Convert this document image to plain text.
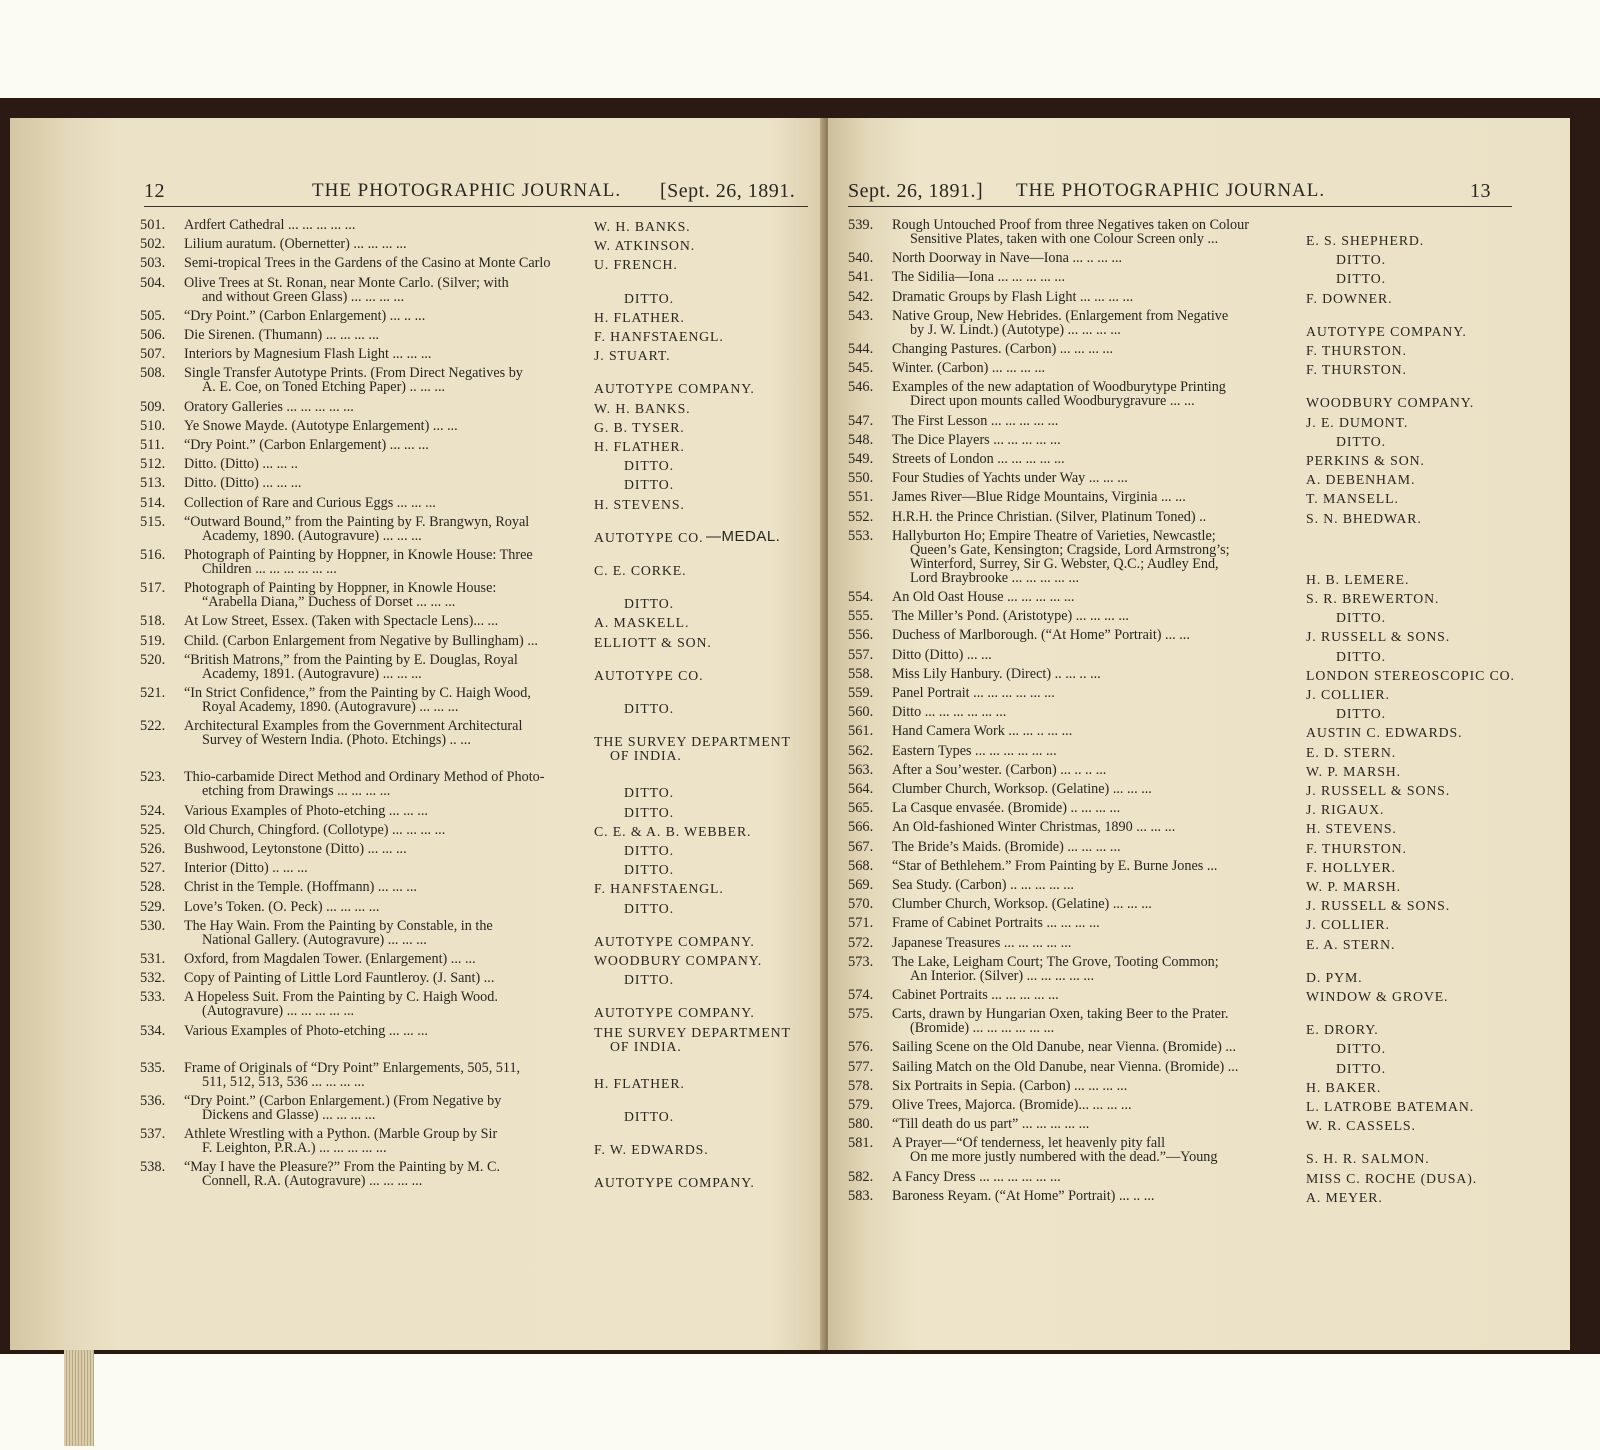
12	THE PHOTOGRAPHIC JOURNAL. [Sept. 26, 1891.
501.	Ardfert Cathedral ... ... ... ... ...	W. H. BANKS.
502.	Lilium auratum. (Obernetter) ... ... ... ...	W. ATKINSON.
503.	Semi-tropical Trees in the Gardens of the Casino at Monte Carlo	U. FRENCH.
504.	Olive Trees at St. Ronan, near Monte Carlo. (Silver; with
and without Green Glass) ... ... ... ...	DITTO.
505.	“Dry Point.” (Carbon Enlargement) ... .. ...	H. FLATHER.
506.	Die Sirenen. (Thumann) ... ... ... ...	F. HANFSTAENGL.
507.	Interiors by Magnesium Flash Light ... ... ...	J. STUART.
508.	Single Transfer Autotype Prints. (From Direct Negatives by
A. E. Coe, on Toned Etching Paper) .. ... ...	AUTOTYPE COMPANY.
509.	Oratory Galleries ... ... ... ... ...	W. H. BANKS.
510.	Ye Snowe Mayde. (Autotype Enlargement) ... ...	G. B. TYSER.
511.	“Dry Point.” (Carbon Enlargement) ... ... ...	H. FLATHER.
512.	Ditto. (Ditto) ... ... ..	DITTO.
513.	Ditto. (Ditto) ... ... ...	DITTO.
514.	Collection of Rare and Curious Eggs ... ... ...	H. STEVENS.
515.	“Outward Bound,” from the Painting by F. Brangwyn, Royal
Academy, 1890. (Autogravure) ... ... ...	AUTOTYPE CO. —MEDAL.
516.	Photograph of Painting by Hoppner, in Knowle House: Three
Children ... ... ... ... ... ...	C. E. CORKE.
517.	Photograph of Painting by Hoppner, in Knowle House:
“Arabella Diana,” Duchess of Dorset ... ... ...	DITTO.
518.	At Low Street, Essex. (Taken with Spectacle Lens)... ...	A. MASKELL.
519.	Child. (Carbon Enlargement from Negative by Bullingham) ...	ELLIOTT & SON.
520.	“British Matrons,” from the Painting by E. Douglas, Royal
Academy, 1891. (Autogravure) ... ... ...	AUTOTYPE CO.
521.	“In Strict Confidence,” from the Painting by C. Haigh Wood,
Royal Academy, 1890. (Autogravure) ... ... ...	DITTO.
522.	Architectural Examples from the Government Architectural
Survey of Western India. (Photo. Etchings) .. ...	THE SURVEY DEPARTMENT
OF INDIA.
523.	Thio-carbamide Direct Method and Ordinary Method of Photo-
etching from Drawings ... ... ... ...	DITTO.
524.	Various Examples of Photo-etching ... ... ...	DITTO.
525.	Old Church, Chingford. (Collotype) ... ... ... ...	C. E. & A. B. WEBBER.
526.	Bushwood, Leytonstone (Ditto) ... ... ...	DITTO.
527.	Interior (Ditto) .. ... ...	DITTO.
528.	Christ in the Temple. (Hoffmann) ... ... ...	F. HANFSTAENGL.
529.	Love’s Token. (O. Peck) ... ... ... ...	DITTO.
530.	The Hay Wain. From the Painting by Constable, in the
National Gallery. (Autogravure) ... ... ...	AUTOTYPE COMPANY.
531.	Oxford, from Magdalen Tower. (Enlargement) ... ...	WOODBURY COMPANY.
532.	Copy of Painting of Little Lord Fauntleroy. (J. Sant) ...	DITTO.
533.	A Hopeless Suit. From the Painting by C. Haigh Wood.
(Autogravure) ... ... ... ... ...	AUTOTYPE COMPANY.
534.	Various Examples of Photo-etching ... ... ...	THE SURVEY DEPARTMENT
OF INDIA.
535.	Frame of Originals of “Dry Point” Enlargements, 505, 511,
511, 512, 513, 536 ... ... ... ...	H. FLATHER.
536.	“Dry Point.” (Carbon Enlargement.) (From Negative by
Dickens and Glasse) ... ... ... ...	DITTO.
537.	Athlete Wrestling with a Python. (Marble Group by Sir
F. Leighton, P.R.A.) ... ... ... ... ...	F. W. EDWARDS.
538.	“May I have the Pleasure?” From the Painting by M. C.
Connell, R.A. (Autogravure) ... ... ... ...	AUTOTYPE COMPANY.
Sept. 26, 1891.] THE PHOTOGRAPHIC JOURNAL.	13
539.	Rough Untouched Proof from three Negatives taken on Colour
Sensitive Plates, taken with one Colour Screen only ...	E. S. SHEPHERD.
540.	North Doorway in Nave—Iona ... .. ... ...	DITTO.
541.	The Sidilia—Iona ... ... ... ... ...	DITTO.
542.	Dramatic Groups by Flash Light ... ... ... ...	F. DOWNER.
543.	Native Group, New Hebrides. (Enlargement from Negative
by J. W. Lindt.) (Autotype) ... ... ... ...	AUTOTYPE COMPANY.
544.	Changing Pastures. (Carbon) ... ... ... ...	F. THURSTON.
545.	Winter. (Carbon) ... ... ... ...	F. THURSTON.
546.	Examples of the new adaptation of Woodburytype Printing
Direct upon mounts called Woodburygravure ... ...	WOODBURY COMPANY.
547.	The First Lesson ... ... ... ... ...	J. E. DUMONT.
548.	The Dice Players ... ... ... ... ...	DITTO.
549.	Streets of London ... ... ... ... ...	PERKINS & SON.
550.	Four Studies of Yachts under Way ... ... ...	A. DEBENHAM.
551.	James River—Blue Ridge Mountains, Virginia ... ...	T. MANSELL.
552.	H.R.H. the Prince Christian. (Silver, Platinum Toned) ..	S. N. BHEDWAR.
553.	Hallyburton Ho; Empire Theatre of Varieties, Newcastle;
Queen’s Gate, Kensington; Cragside, Lord Armstrong’s;
Winterford, Surrey, Sir G. Webster, Q.C.; Audley End,
Lord Braybrooke ... ... ... ... ...	H. B. LEMERE.
554.	An Old Oast House ... ... ... ... ...	S. R. BREWERTON.
555.	The Miller’s Pond. (Aristotype) ... ... ... ...	DITTO.
556.	Duchess of Marlborough. (“At Home” Portrait) ... ...	J. RUSSELL & SONS.
557.	Ditto (Ditto) ... ...	DITTO.
558.	Miss Lily Hanbury. (Direct) .. ... .. ...	LONDON STEREOSCOPIC CO.
559.	Panel Portrait ... ... ... ... ... ...	J. COLLIER.
560.	Ditto ... ... ... ... ... ...	DITTO.
561.	Hand Camera Work ... ... .. ... ...	AUSTIN C. EDWARDS.
562.	Eastern Types ... ... ... ... ... ...	E. D. STERN.
563.	After a Sou’wester. (Carbon) ... .. .. ...	W. P. MARSH.
564.	Clumber Church, Worksop. (Gelatine) ... ... ...	J. RUSSELL & SONS.
565.	La Casque envasée. (Bromide) .. ... ... ...	J. RIGAUX.
566.	An Old-fashioned Winter Christmas, 1890 ... ... ...	H. STEVENS.
567.	The Bride’s Maids. (Bromide) ... ... ... ...	F. THURSTON.
568.	“Star of Bethlehem.” From Painting by E. Burne Jones ...	F. HOLLYER.
569.	Sea Study. (Carbon) .. ... ... ... ...	W. P. MARSH.
570.	Clumber Church, Worksop. (Gelatine) ... ... ...	J. RUSSELL & SONS.
571.	Frame of Cabinet Portraits ... ... ... ...	J. COLLIER.
572.	Japanese Treasures ... ... ... ... ...	E. A. STERN.
573.	The Lake, Leigham Court; The Grove, Tooting Common;
An Interior. (Silver) ... ... ... ... ...	D. PYM.
574.	Cabinet Portraits ... ... ... ... ...	WINDOW & GROVE.
575.	Carts, drawn by Hungarian Oxen, taking Beer to the Prater.
(Bromide) ... ... ... ... ... ...	E. DRORY.
576.	Sailing Scene on the Old Danube, near Vienna. (Bromide) ...	DITTO.
577.	Sailing Match on the Old Danube, near Vienna. (Bromide) ...	DITTO.
578.	Six Portraits in Sepia. (Carbon) ... ... ... ...	H. BAKER.
579.	Olive Trees, Majorca. (Bromide)... ... ... ...	L. LATROBE BATEMAN.
580.	“Till death do us part” ... ... ... ... ...	W. R. CASSELS.
581.	A Prayer—“Of tenderness, let heavenly pity fall
On me more justly numbered with the dead.”—Young	S. H. R. SALMON.
582.	A Fancy Dress ... ... ... ... ... ...	MISS C. ROCHE (DUSA).
583.	Baroness Reyam. (“At Home” Portrait) ... .. ...	A. MEYER.
